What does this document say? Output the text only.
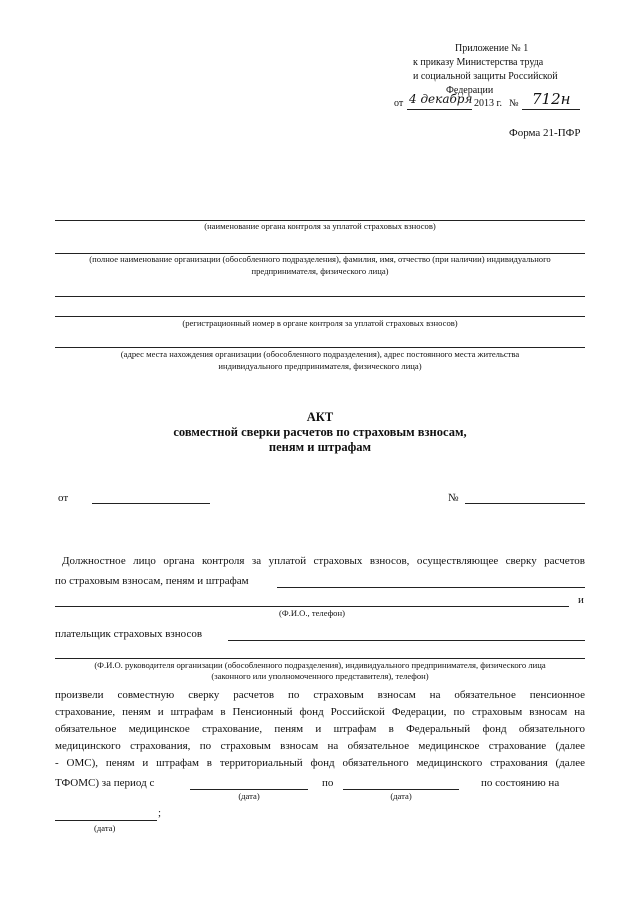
Приложение № 1
к приказу Министерства труда
и социальной защиты Российской
Федерации
от 4 декабря 2013 г. № 712н
Форма 21-ПФР
(наименование органа контроля за уплатой страховых взносов)
(полное наименование организации (обособленного подразделения), фамилия, имя, отчество (при наличии) индивидуального
предпринимателя, физического лица)
(регистрационный номер в органе контроля за уплатой страховых взносов)
(адрес места нахождения организации (обособленного подразделения), адрес постоянного места жительства
индивидуального предпринимателя, физического лица)
АКТ
совместной сверки расчетов по страховым взносам,
пеням и штрафам
от	№
Должностное лицо органа контроля за уплатой страховых взносов, осуществляющее сверку расчетов
по страховым взносам, пеням и штрафам
и
(Ф.И.О., телефон)
плательщик страховых взносов
(Ф.И.О. руководителя организации (обособленного подразделения), индивидуального предпринимателя, физического лица
(законного или уполномоченного представителя), телефон)
произвели совместную сверку расчетов по страховым взносам на обязательное пенсионное
страхование, пеням и штрафам в Пенсионный фонд Российской Федерации, по страховым взносам на
обязательное медицинское страхование, пеням и штрафам в Федеральный фонд обязательного
медицинского страхования, по страховым взносам на обязательное медицинское страхование (далее
- ОМС), пеням и штрафам в территориальный фонд обязательного медицинского страхования (далее
ТФОМС) за период с
(дата)
по
(дата)
по состоянию на
;
(дата)
